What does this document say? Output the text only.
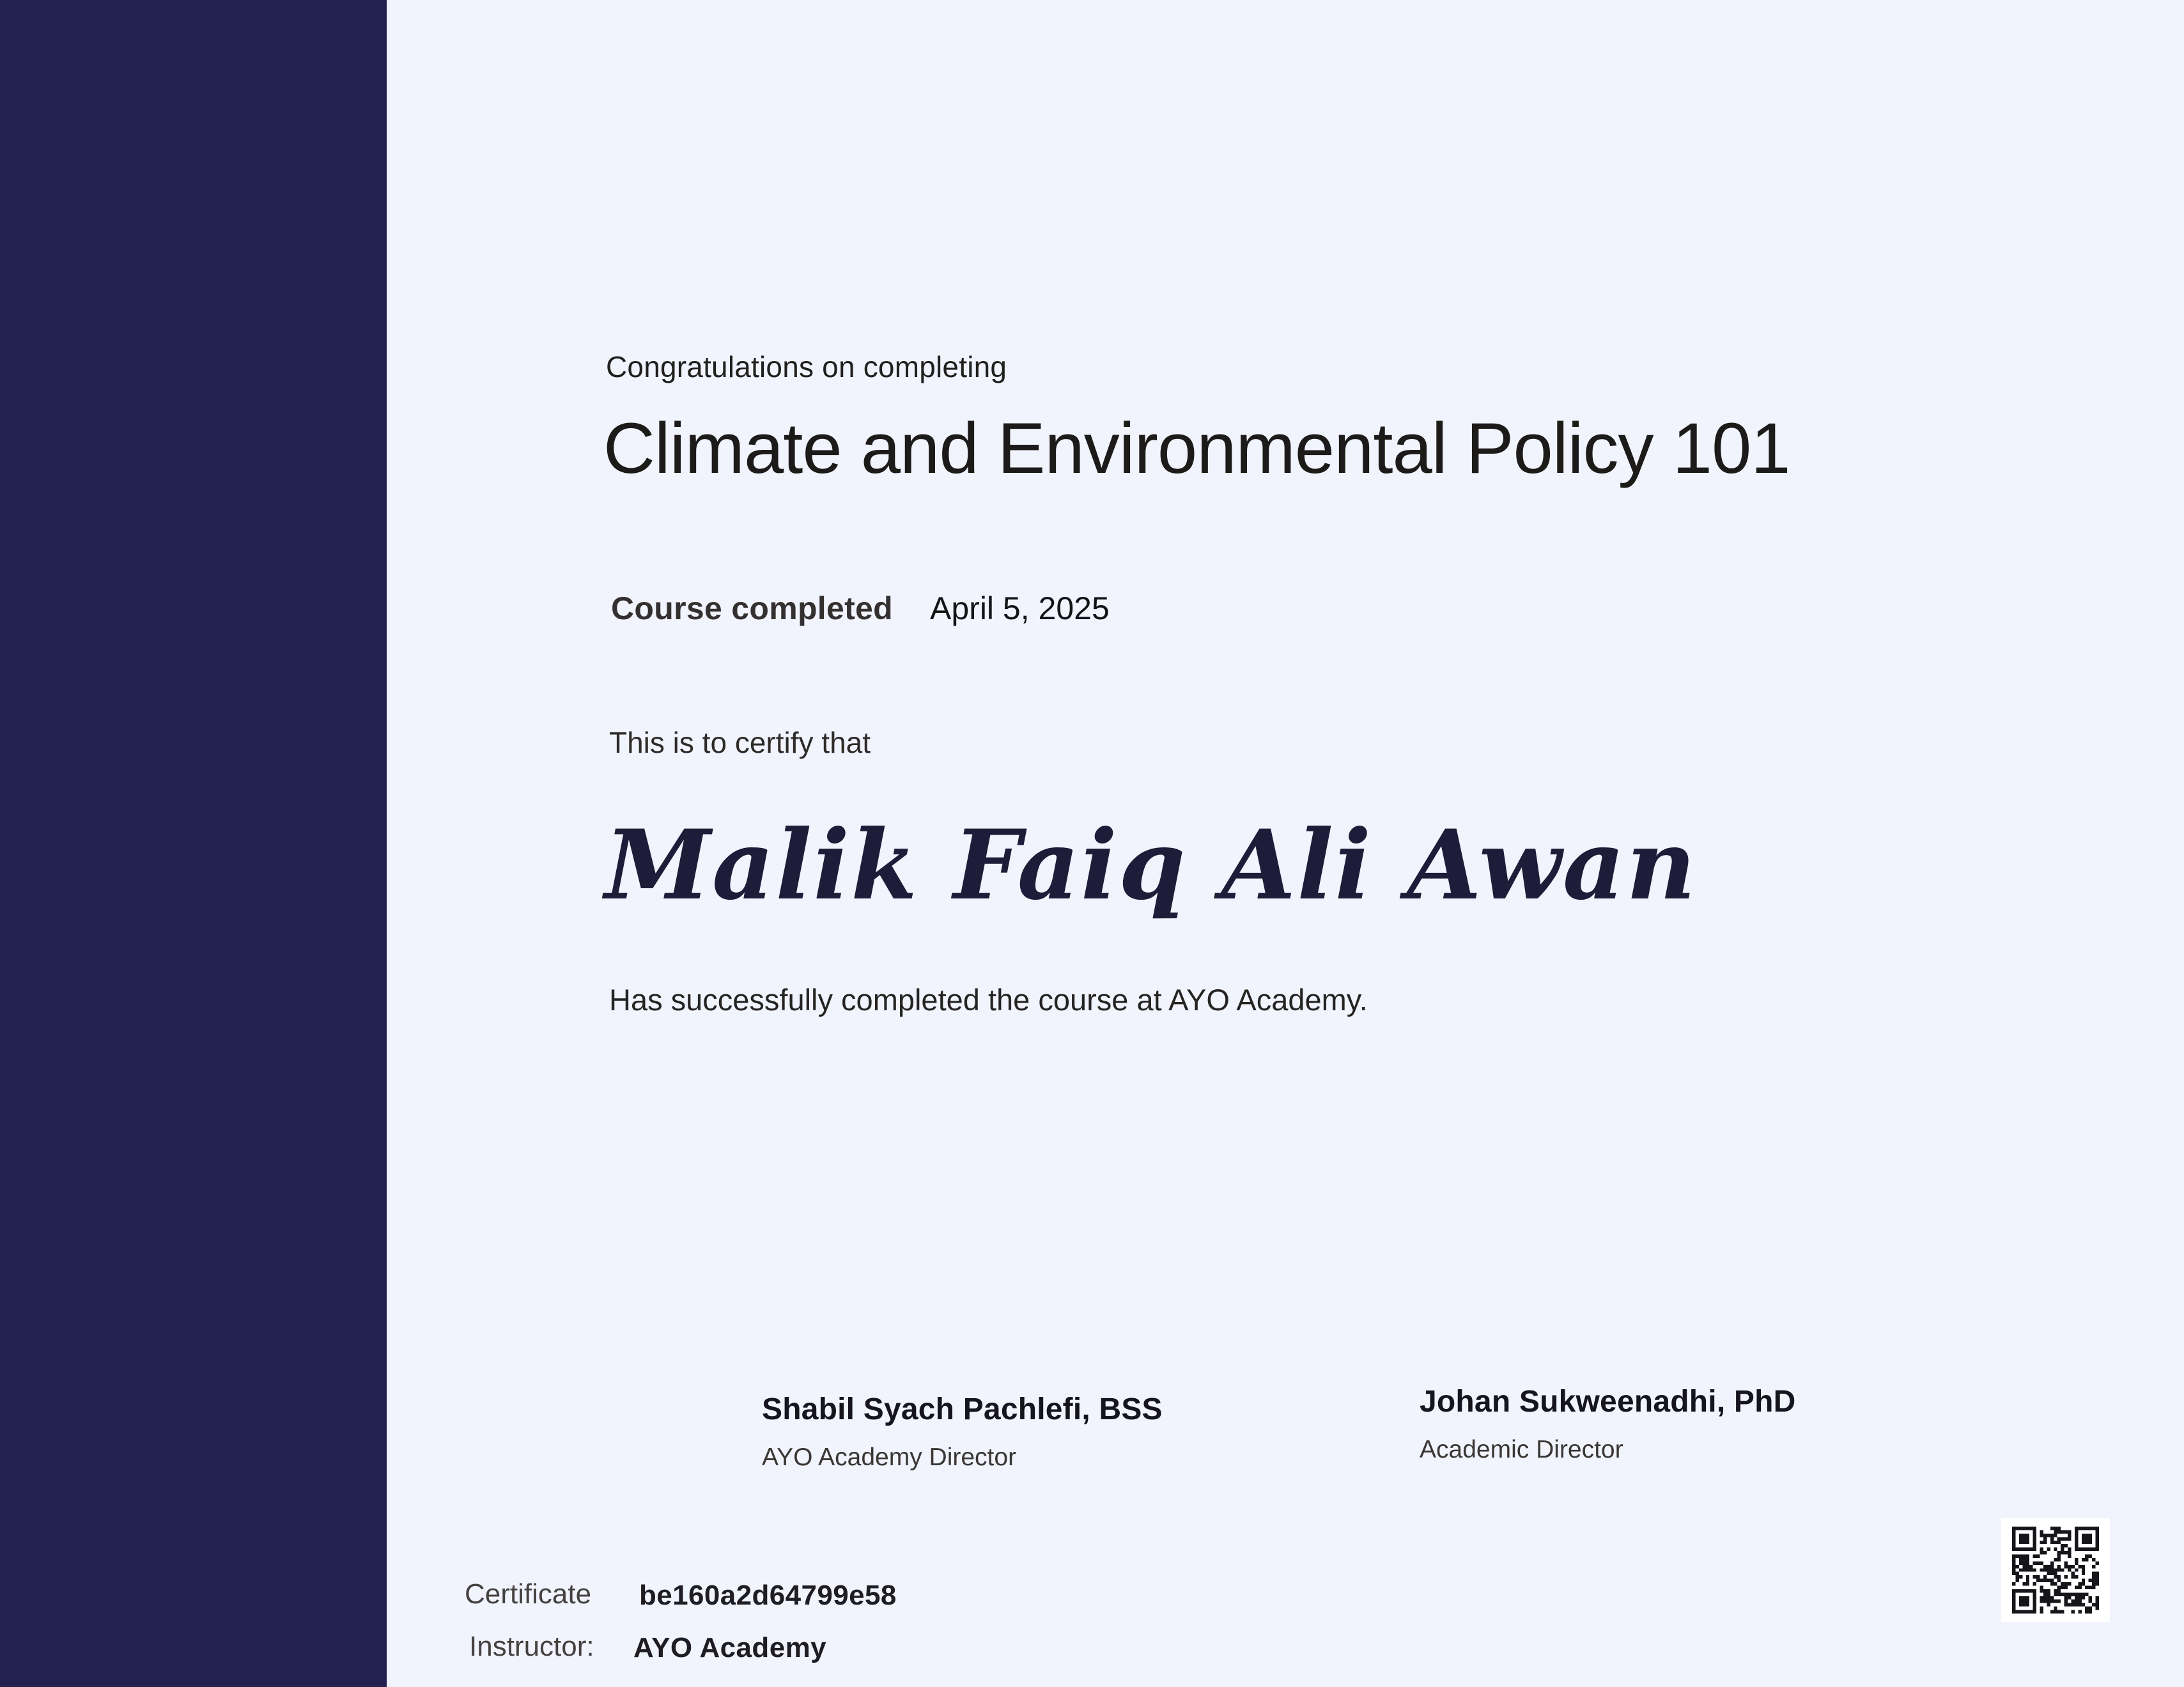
Congratulations on completing
Climate and Environmental Policy 101
Course completed April 5, 2025
This is to certify that
Malik Faiq Ali Awan
Has successfully completed the course at AYO Academy.
Shabil Syach Pachlefi, BSS
AYO Academy Director
Johan Sukweenadhi, PhD
Academic Director
Certificate be160a2d64799e58
Instructor: AYO Academy
